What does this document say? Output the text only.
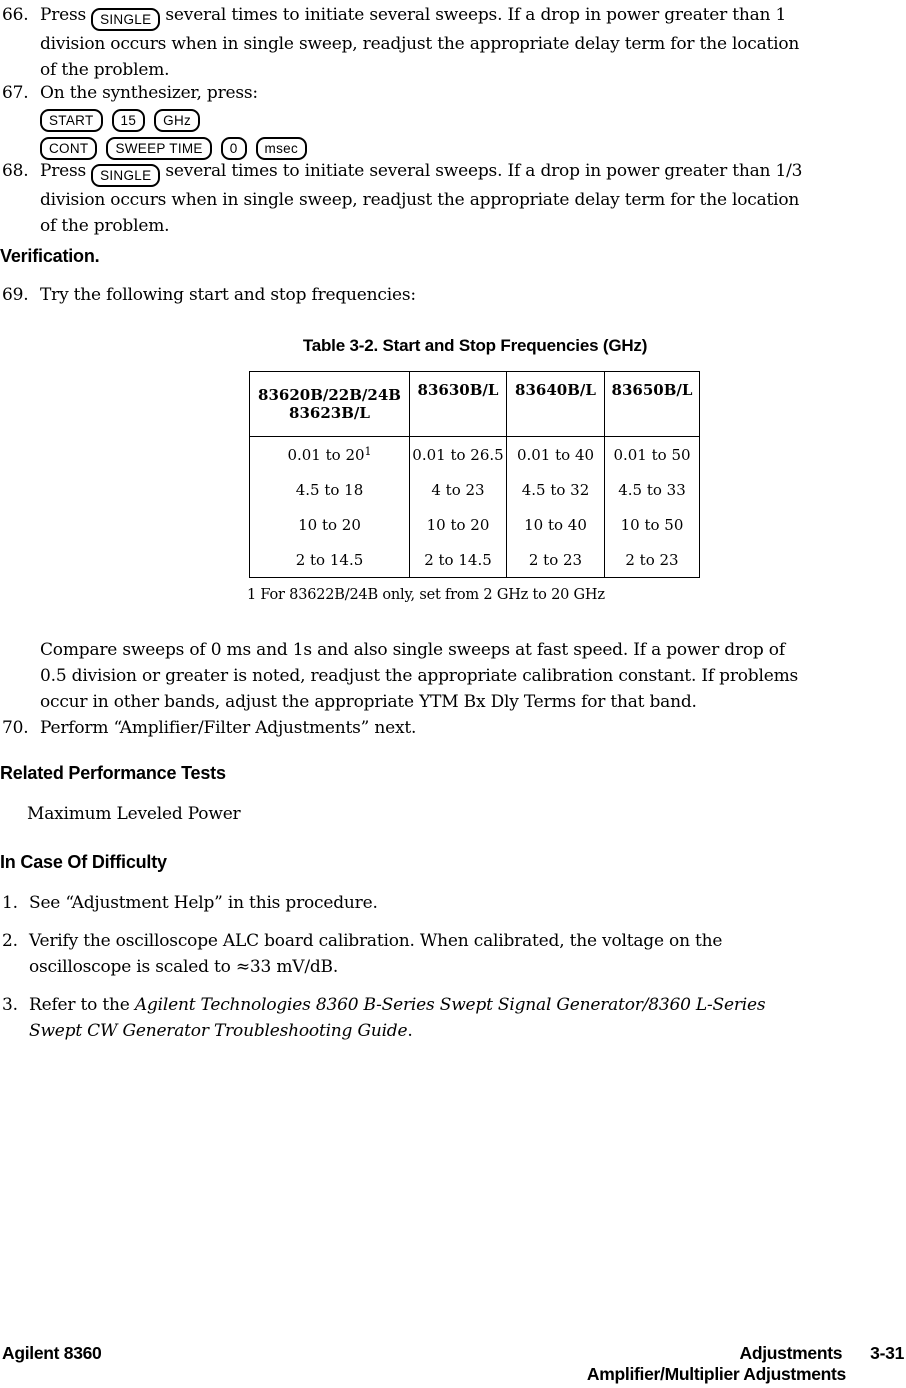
66. Press SINGLE several times to initiate several sweeps. If a drop in power greater than 1
division occurs when in single sweep, readjust the appropriate delay term for the location
of the problem.
67. On the synthesizer, press:
START 15 GHz
CONT SWEEP TIME 0 msec
68. Press SINGLE several times to initiate several sweeps. If a drop in power greater than 1/3
division occurs when in single sweep, readjust the appropriate delay term for the location
of the problem.
Verification.
69. Try the following start and stop frequencies:
Table 3-2. Start and Stop Frequencies (GHz)
83620B/22B/24B
83623B/L	83630B/L	83640B/L	83650B/L
0.01 to 20$^1$	0.01 to 26.5	0.01 to 40	0.01 to 50
4.5 to 18	4 to 23	4.5 to 32	4.5 to 33
10 to 20	10 to 20	10 to 40	10 to 50
2 to 14.5	2 to 14.5	2 to 23	2 to 23
1 For 83622B/24B only, set from 2 GHz to 20 GHz
Compare sweeps of 0 ms and 1s and also single sweeps at fast speed. If a power drop of
0.5 division or greater is noted, readjust the appropriate calibration constant. If problems
occur in other bands, adjust the appropriate YTM Bx Dly Terms for that band.
70. Perform “Amplifier/Filter Adjustments” next.
Related Performance Tests
Maximum Leveled Power
In Case Of Difficulty
1. See “Adjustment Help” in this procedure.
2. Verify the oscilloscope ALC board calibration. When calibrated, the voltage on the
oscilloscope is scaled to ≈33 mV/dB.
3. Refer to the Agilent Technologies 8360 B-Series Swept Signal Generator/8360 L-Series
Swept CW Generator Troubleshooting Guide.
Agilent 8360	Adjustments 3-31
Amplifier/Multiplier Adjustments
